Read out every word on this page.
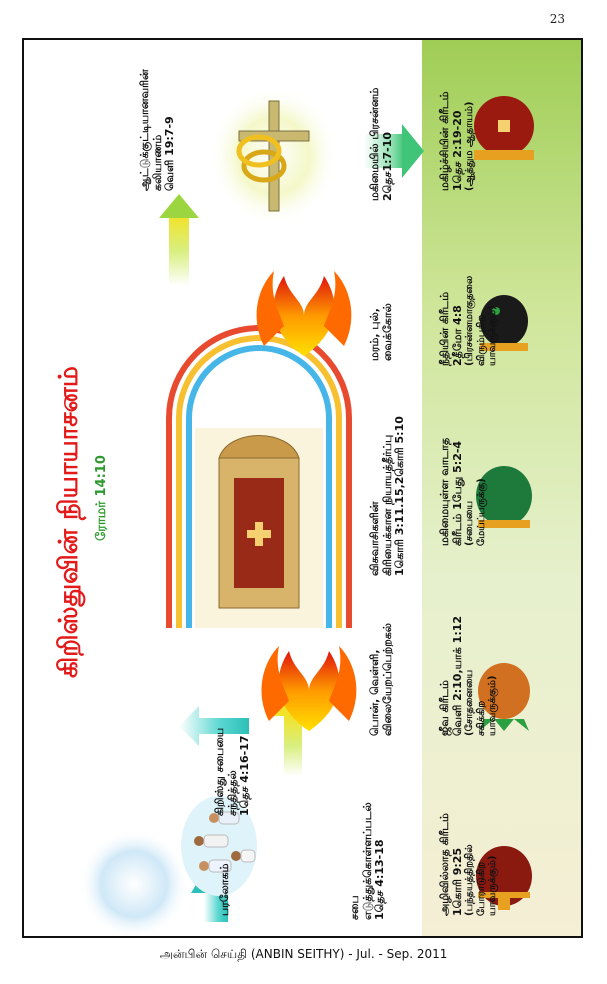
23
கிறிஸ்துவின் நியாயாசனம் ரோமர் 14:10
பரலோகம்
கிறிஸ்து சபையை சந்தித்தல் 1தெச 4:16-17
சபை எடுத்துக்கொள்ளப்படல் 1தெச 4:13-18
பொன், வெள்ளி, விலையேறப்பெற்றகல்
விசுவாசிகளின் கிரியைக்கான நியாயத்தீர்ப்பு 1கொரி 3:11.15,2கொரி 5:10
மரம், புல், வைக்கோல்
மகிமையில் பிரசன்னம் 2தெச1:7-10
ஆட்டுக்குட்டியானவரின் கலியாணம் வெளி 19:7-9
அழிவில்லாத கிரீடம் 1கொரி 9:25 (பந்தயத்திறதில் போராடுகிற யாவருக்கும்)
ஜீவ கிரீடம் வெளி 2:10,யாக் 1:12 (சோதனையை சகிக்கிற யாவருக்கும்)
மகிமையுள்ள வாடாத கிரீடம் 1பேது 5:2-4 (சபையை மேய்ப்பருக்கு)
நீதியின் கிரீடம் 2தீமோ 4:8 (பிரசன்னமாகுதலை விரும்புகிற யாவருக்கும்)
மகிழ்ச்சியின் கிரீடம் 1தெச 2:19-20 (ஆத்தும ஆதாயம்)
அன்பின் செய்தி (ANBIN SEITHY) - Jul. - Sep. 2011
